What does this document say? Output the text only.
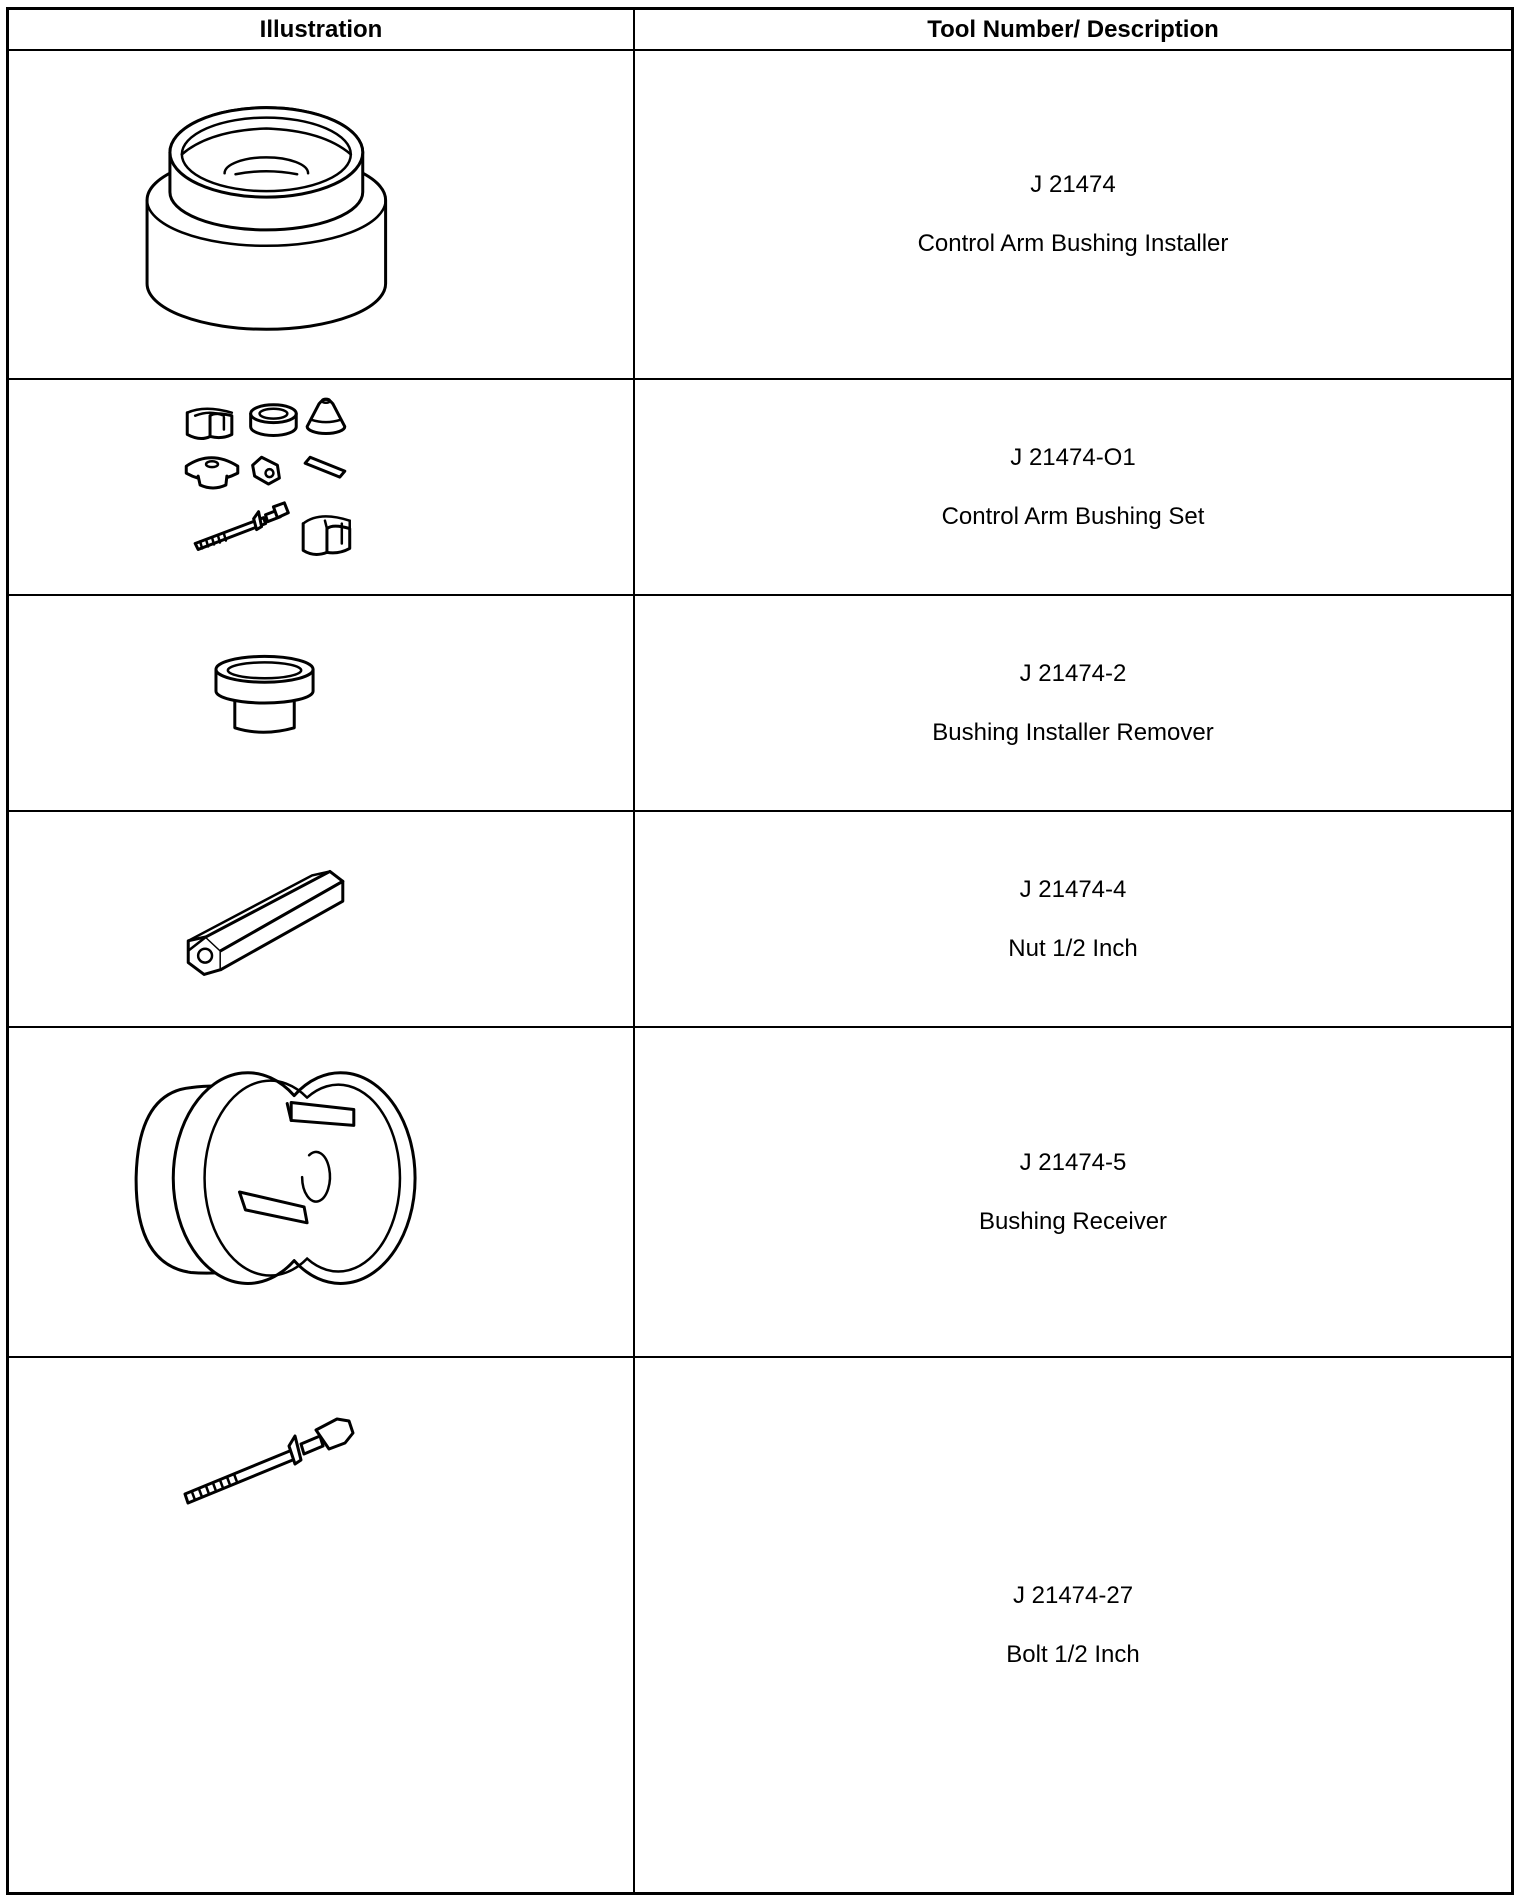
Illustration	Tool Number/ Description
J 21474
Control Arm Bushing Installer
J 21474-O1
Control Arm Bushing Set
J 21474-2
Bushing Installer Remover
J 21474-4
Nut 1/2 Inch
J 21474-5
Bushing Receiver
J 21474-27
Bolt 1/2 Inch
